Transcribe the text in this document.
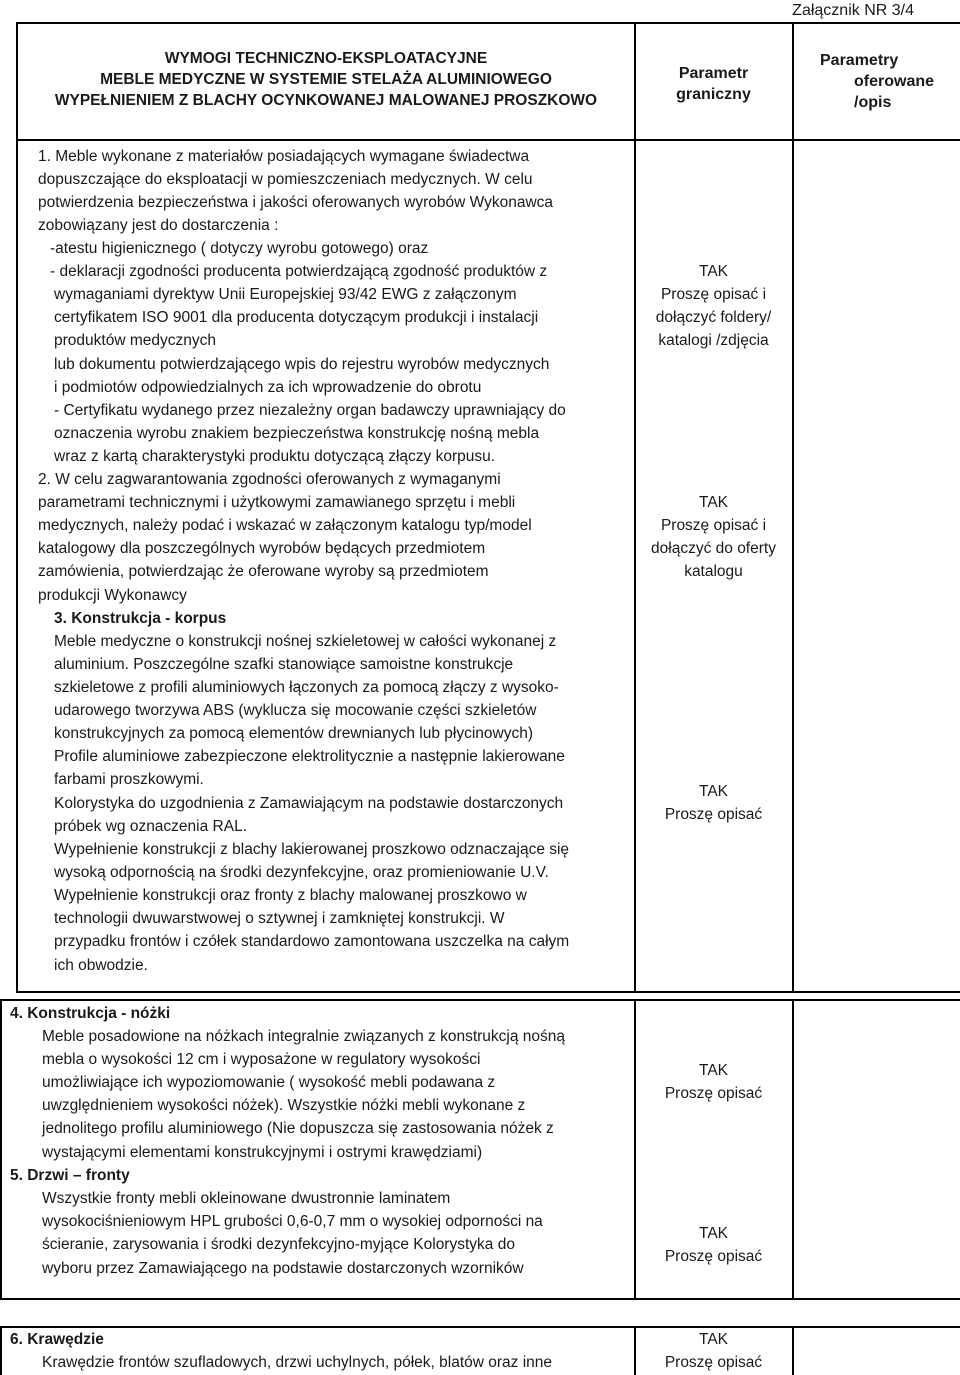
Załącznik NR 3/4
WYMOGI TECHNICZNO-EKSPLOATACYJNE
MEBLE MEDYCZNE W SYSTEMIE STELAŻA ALUMINIOWEGO
WYPEŁNIENIEM Z BLACHY OCYNKOWANEJ MALOWANEJ PROSZKOWO
Parametr
graniczny
Parametry
oferowane
/opis
1. Meble wykonane z materiałów posiadających wymagane świadectwa
dopuszczające do eksploatacji w pomieszczeniach medycznych. W celu
potwierdzenia bezpieczeństwa i jakości oferowanych wyrobów Wykonawca
zobowiązany jest do dostarczenia :
-atestu higienicznego ( dotyczy wyrobu gotowego) oraz
- deklaracji zgodności producenta potwierdzającą zgodność produktów z
wymaganiami dyrektyw Unii Europejskiej 93/42 EWG z załączonym
certyfikatem ISO 9001 dla producenta dotyczącym produkcji i instalacji
produktów medycznych
lub dokumentu potwierdzającego wpis do rejestru wyrobów medycznych
i podmiotów odpowiedzialnych za ich wprowadzenie do obrotu
- Certyfikatu wydanego przez niezależny organ badawczy uprawniający do
oznaczenia wyrobu znakiem bezpieczeństwa konstrukcję nośną mebla
wraz z kartą charakterystyki produktu dotyczącą złączy korpusu.
TAK
Proszę opisać i
dołączyć foldery/
katalogi /zdjęcia
2. W celu zagwarantowania zgodności oferowanych z wymaganymi
parametrami technicznymi i użytkowymi zamawianego sprzętu i mebli
medycznych, należy podać i wskazać w załączonym katalogu typ/model
katalogowy dla poszczególnych wyrobów będących przedmiotem
zamówienia, potwierdzając że oferowane wyroby są przedmiotem
produkcji Wykonawcy
TAK
Proszę opisać i
dołączyć do oferty
katalogu
3. Konstrukcja - korpus
Meble medyczne o konstrukcji nośnej szkieletowej w całości wykonanej z
aluminium. Poszczególne szafki stanowiące samoistne konstrukcje
szkieletowe z profili aluminiowych łączonych za pomocą złączy z wysoko-
udarowego tworzywa ABS (wyklucza się mocowanie części szkieletów
konstrukcyjnych za pomocą elementów drewnianych lub płycinowych)
Profile aluminiowe zabezpieczone elektrolitycznie a następnie lakierowane
farbami proszkowymi.
Kolorystyka do uzgodnienia z Zamawiającym na podstawie dostarczonych
próbek wg oznaczenia RAL.
Wypełnienie konstrukcji z blachy lakierowanej proszkowo odznaczające się
wysoką odpornością na środki dezynfekcyjne, oraz promieniowanie U.V.
Wypełnienie konstrukcji oraz fronty z blachy malowanej proszkowo w
technologii dwuwarstwowej o sztywnej i zamkniętej konstrukcji. W
przypadku frontów i czółek standardowo zamontowana uszczelka na całym
ich obwodzie.
TAK
Proszę opisać
4. Konstrukcja - nóżki
Meble posadowione na nóżkach integralnie związanych z konstrukcją nośną
mebla o wysokości 12 cm i wyposażone w regulatory wysokości
umożliwiające ich wypoziomowanie ( wysokość mebli podawana z
uwzględnieniem wysokości nóżek). Wszystkie nóżki mebli wykonane z
jednolitego profilu aluminiowego (Nie dopuszcza się zastosowania nóżek z
wystającymi elementami konstrukcyjnymi i ostrymi krawędziami)
TAK
Proszę opisać
5. Drzwi – fronty
Wszystkie fronty mebli okleinowane dwustronnie laminatem
wysokociśnieniowym HPL grubości 0,6-0,7 mm o wysokiej odporności na
ścieranie, zarysowania i środki dezynfekcyjno-myjące Kolorystyka do
wyboru przez Zamawiającego na podstawie dostarczonych wzorników
TAK
Proszę opisać
6. Krawędzie
Krawędzie frontów szufladowych, drzwi uchylnych, półek, blatów oraz inne
TAK
Proszę opisać
